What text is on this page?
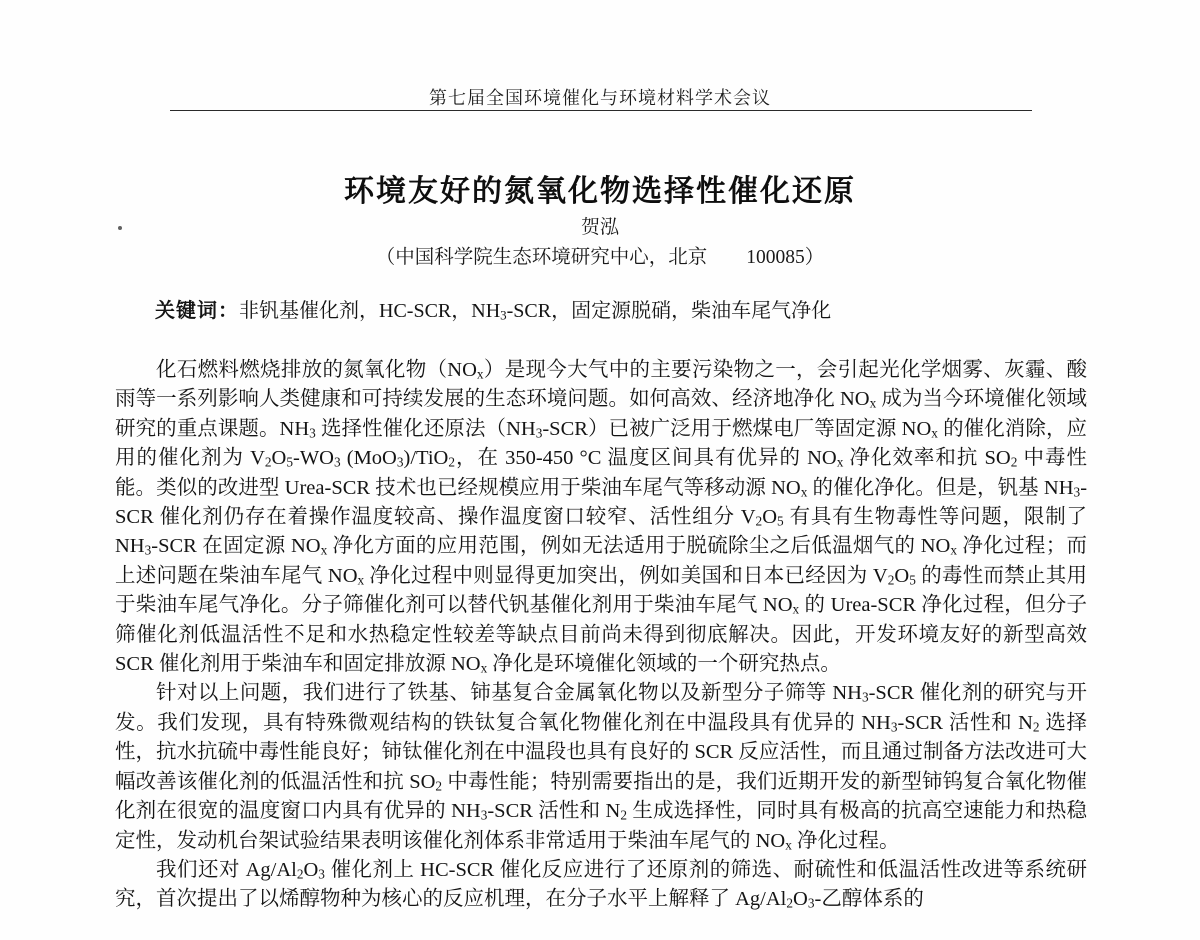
第七届全国环境催化与环境材料学术会议
环境友好的氮氧化物选择性催化还原
贺泓
（中国科学院生态环境研究中心，北京　　100085）

关键词：非钒基催化剂，HC-SCR，$NH_3$-SCR，固定源脱硝，柴油车尾气净化

化石燃料燃烧排放的氮氧化物$(NO_x)$是现今大气中的主要污染物之一，会引起光化学烟雾、灰霾、酸雨等一系列影响人类健康和可持续发展的生态环境问题。如何高效、经济地净化 $NO_x$ 成为当今环境催化领域研究的重点课题。$NH_3$ 选择性催化还原法$(NH_3-SCR)$已被广泛用于燃煤电厂等固定源 $NO_x$ 的催化消除，应用的催化剂为 $V_2O_5-WO_3$ (MoO$_3$)/TiO$_2$，在 350-450 °C 温度区间具有优异的 $NO_x$ 净化效率和抗 $SO_2$ 中毒性能。类似的改进型 Urea-SCR 技术也已经规模应用于柴油车尾气等移动源 $NO_x$ 的催化净化。但是，钒基 $NH_3$-SCR 催化剂仍存在着操作温度较高、操作温度窗口较窄、活性组分 $V_2O_5$ 有具有生物毒性等问题，限制了 $NH_3$-SCR 在固定源 $NO_x$ 净化方面的应用范围，例如无法适用于脱硫除尘之后低温烟气的 $NO_x$ 净化过程；而上述问题在柴油车尾气 $NO_x$ 净化过程中则显得更加突出，例如美国和日本已经因为 $V_2O_5$ 的毒性而禁止其用于柴油车尾气净化。分子筛催化剂可以替代钒基催化剂用于柴油车尾气 $NO_x$ 的 Urea-SCR 净化过程，但分子筛催化剂低温活性不足和水热稳定性较差等缺点目前尚未得到彻底解决。因此，开发环境友好的新型高效 SCR 催化剂用于柴油车和固定排放源 $NO_x$ 净化是环境催化领域的一个研究热点。

针对以上问题，我们进行了铁基、铈基复合金属氧化物以及新型分子筛等 $NH_3$-SCR 催化剂的研究与开发。我们发现，具有特殊微观结构的铁钛复合氧化物催化剂在中温段具有优异的 $NH_3$-SCR 活性和 $N_2$ 选择性，抗水抗硫中毒性能良好；铈钛催化剂在中温段也具有良好的 SCR 反应活性，而且通过制备方法改进可大幅改善该催化剂的低温活性和抗 $SO_2$ 中毒性能；特别需要指出的是，我们近期开发的新型铈钨复合氧化物催化剂在很宽的温度窗口内具有优异的 $NH_3$-SCR 活性和 $N_2$ 生成选择性，同时具有极高的抗高空速能力和热稳定性，发动机台架试验结果表明该催化剂体系非常适用于柴油车尾气的 $NO_x$ 净化过程。

我们还对 $Ag/Al_2O_3$ 催化剂上 HC-SCR 催化反应进行了还原剂的筛选、耐硫性和低温活性改进等系统研究，首次提出了以烯醇物种为核心的反应机理，在分子水平上解释了 $Ag/Al_2O_3-$乙醇体系的
